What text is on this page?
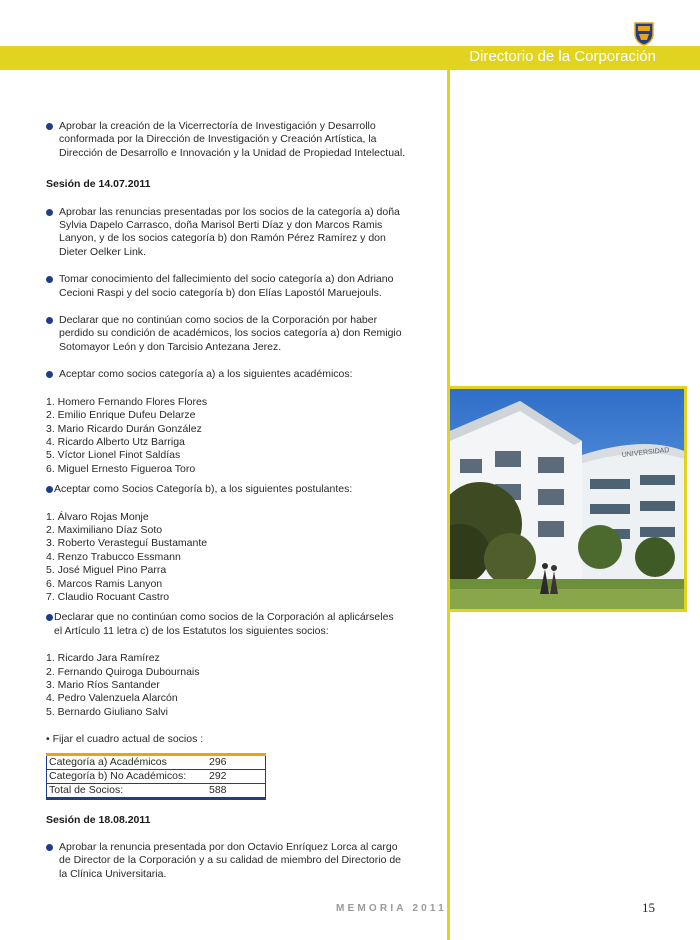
Directorio de la Corporación

Aprobar la creación de la Vicerrectoría de Investigación y Desarrollo conformada por la Dirección de Investigación y Creación Artística, la Dirección de Desarrollo e Innovación y la Unidad de Propiedad Intelectual.

Sesión de 14.07.2011

Aprobar las renuncias presentadas por los socios de la categoría a) doña Sylvia Dapelo Carrasco, doña Marisol Berti Díaz y don Marcos Ramis Lanyon, y de los socios categoría b) don Ramón Pérez Ramírez y don Dieter Oelker Link.

Tomar conocimiento del fallecimiento del socio categoría a) don Adriano Cecioni Raspi y del socio categoría b) don Elías Lapostól Maruejouls.

Declarar que no continúan como socios de la Corporación por haber perdido su condición de académicos, los socios categoría a) don Remigio Sotomayor León y don Tarcisio Antezana Jerez.

Aceptar como socios categoría a) a los siguientes académicos:

1. Homero Fernando Flores Flores
2. Emilio Enrique Dufeu Delarze
3. Mario Ricardo Durán González
4. Ricardo Alberto Utz Barriga
5. Víctor Lionel Finot Saldías
6. Miguel Ernesto Figueroa Toro

Aceptar como Socios Categoría b), a los siguientes postulantes:

1. Álvaro Rojas Monje
2. Maximiliano Díaz Soto
3. Roberto Verasteguí Bustamante
4. Renzo Trabucco Essmann
5. José Miguel Pino Parra
6. Marcos Ramis Lanyon
7. Claudio Rocuant Castro

Declarar que no continúan como socios de la Corporación al aplicárseles
el Artículo 11 letra c) de los Estatutos los siguientes socios:

1. Ricardo Jara Ramírez
2. Fernando Quiroga Dubournais
3. Mario Ríos Santander
4. Pedro Valenzuela Alarcón
5. Bernardo Giuliano Salvi

• Fijar el cuadro actual de socios :

Categoría a) Académicos	296
Categoría b) No Académicos:	292
Total de Socios:	588

Sesión de 18.08.2011

Aprobar la renuncia presentada por don Octavio Enríquez Lorca al cargo de Director de la Corporación y a su calidad de miembro del Directorio de la Clínica Universitaria.

UNIVERSIDAD
MEMORIA 2011	15
